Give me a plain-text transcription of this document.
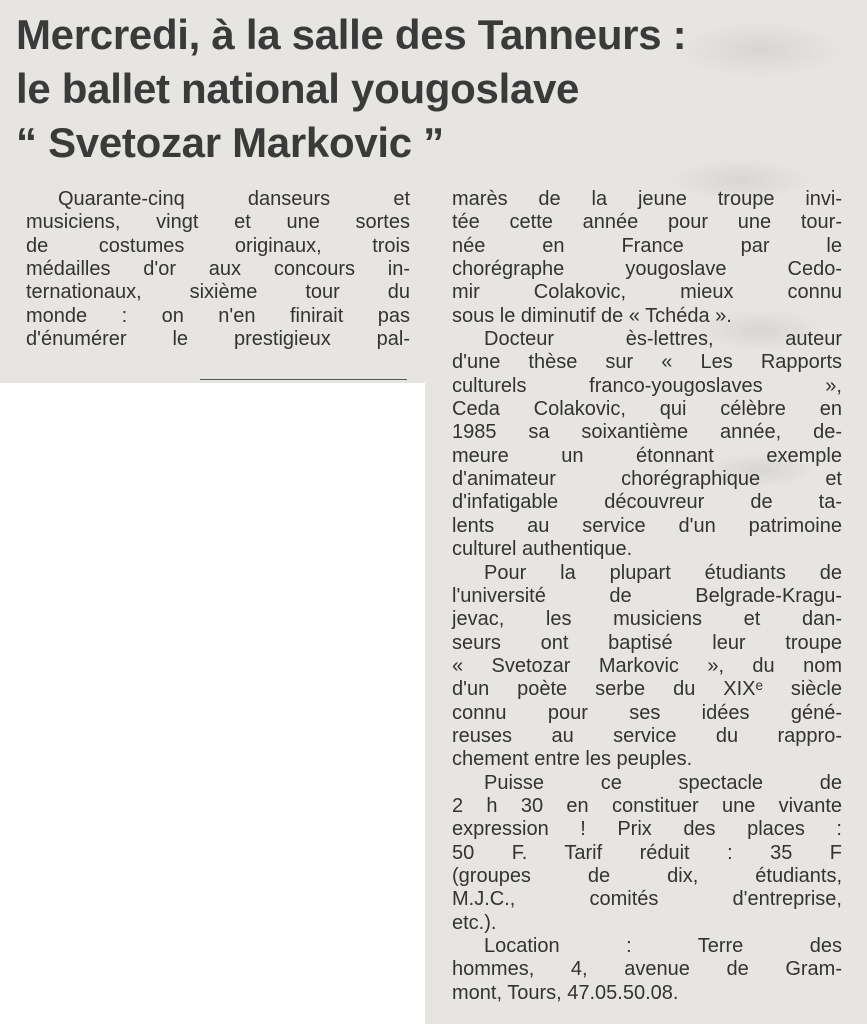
Mercredi, à la salle des Tanneurs :
le ballet national yougoslave
“ Svetozar Markovic ”
Quarante-cinq danseurs et
musiciens, vingt et une sortes
de costumes originaux, trois
médailles d'or aux concours in-
ternationaux, sixième tour du
monde : on n'en finirait pas
d'énumérer le prestigieux pal-
marès de la jeune troupe invi-
tée cette année pour une tour-
née en France par le
chorégraphe yougoslave Cedo-
mir Colakovic, mieux connu
sous le diminutif de « Tchéda ».
Docteur ès-lettres, auteur
d'une thèse sur « Les Rapports
culturels franco-yougoslaves »,
Ceda Colakovic, qui célèbre en
1985 sa soixantième année, de-
meure un étonnant exemple
d'animateur chorégraphique et
d'infatigable découvreur de ta-
lents au service d'un patrimoine
culturel authentique.
Pour la plupart étudiants de
l'université de Belgrade-Kragu-
jevac, les musiciens et dan-
seurs ont baptisé leur troupe
« Svetozar Markovic », du nom
d'un poète serbe du XIXᵉ siècle
connu pour ses idées géné-
reuses au service du rappro-
chement entre les peuples.
Puisse ce spectacle de
2 h 30 en constituer une vivante
expression ! Prix des places :
50 F. Tarif réduit : 35 F
(groupes de dix, étudiants,
M.J.C., comités d'entreprise,
etc.).
Location : Terre des
hommes, 4, avenue de Gram-
mont, Tours, 47.05.50.08.
